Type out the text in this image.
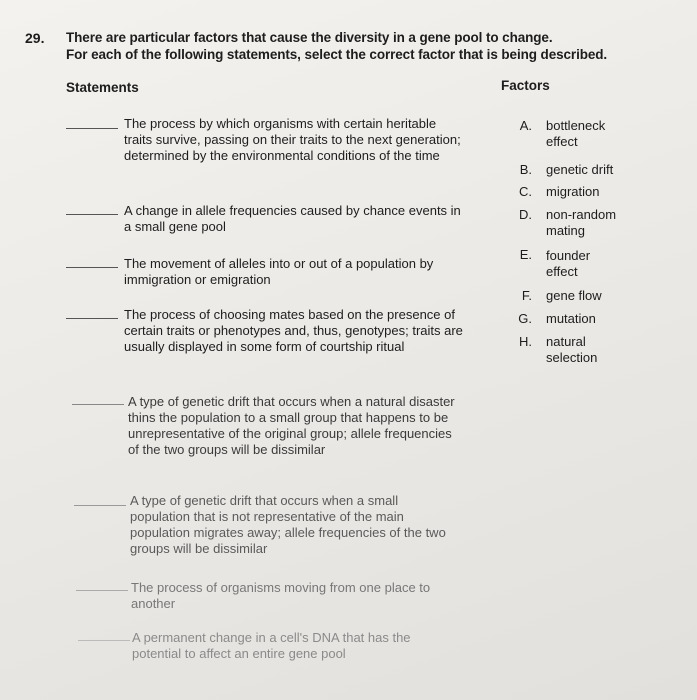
29. There are particular factors that cause the diversity in a gene pool to change.
For each of the following statements, select the correct factor that is being described.
Statements	Factors
The process by which organisms with certain heritable traits survive, passing on their traits to the next generation; determined by the environmental conditions of the time
A change in allele frequencies caused by chance events in a small gene pool
The movement of alleles into or out of a population by immigration or emigration
The process of choosing mates based on the presence of certain traits or phenotypes and, thus, genotypes; traits are usually displayed in some form of courtship ritual
A type of genetic drift that occurs when a natural disaster thins the population to a small group that happens to be unrepresentative of the original group; allele frequencies of the two groups will be dissimilar
A type of genetic drift that occurs when a small population that is not representative of the main population migrates away; allele frequencies of the two groups will be dissimilar
The process of organisms moving from one place to another
A permanent change in a cell's DNA that has the potential to affect an entire gene pool
A. bottleneck effect
B. genetic drift
C. migration
D. non-random mating
E. founder effect
F. gene flow
G. mutation
H. natural selection
